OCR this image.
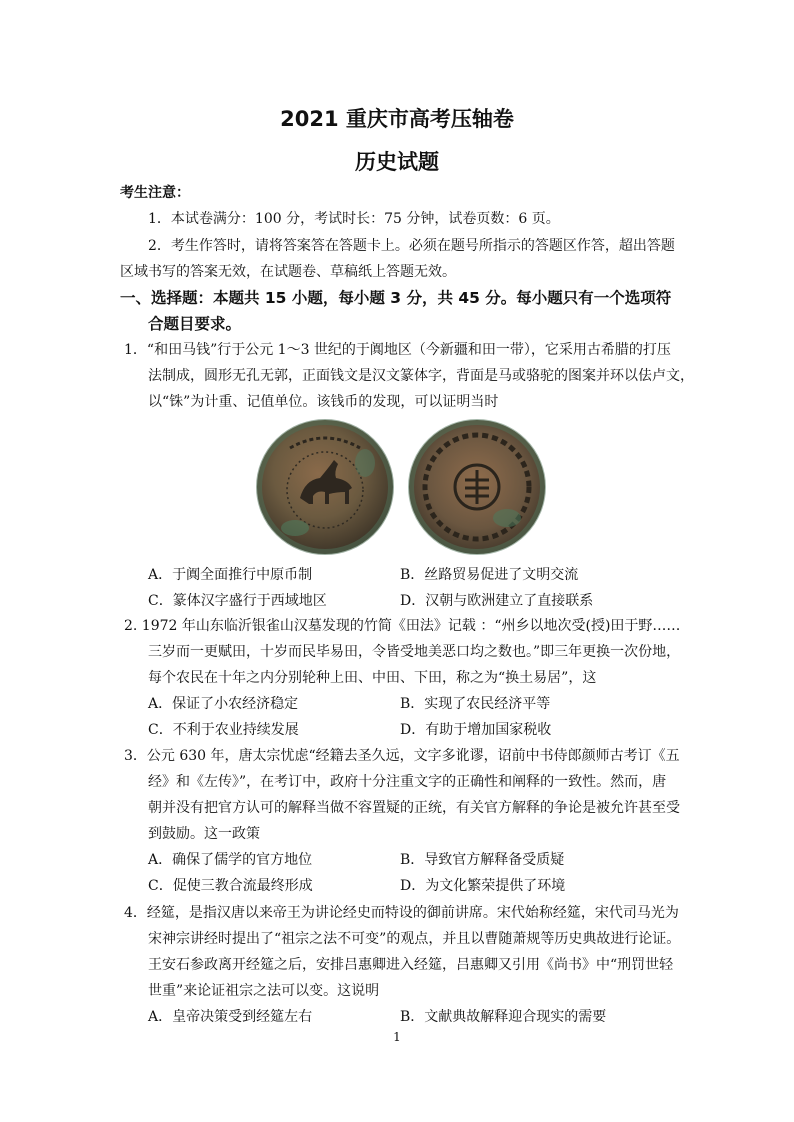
2021 重庆市高考压轴卷
历史试题
考生注意：
1．本试卷满分：100 分，考试时长：75 分钟，试卷页数：6 页。
2．考生作答时，请将答案答在答题卡上。必须在题号所指示的答题区作答，超出答题
区域书写的答案无效，在试题卷、草稿纸上答题无效。
一、选择题：本题共 15 小题，每小题 3 分，共 45 分。每小题只有一个选项符
合题目要求。
1．“和田马钱”行于公元 1～3 世纪的于阗地区（今新疆和田一带），它采用古希腊的打压
法制成，圆形无孔无郭，正面钱文是汉文篆体字，背面是马或骆驼的图案并环以佉卢文，
以“铢”为计重、记值单位。该钱币的发现，可以证明当时
A．于阗全面推行中原币制	B．丝路贸易促进了文明交流
C．篆体汉字盛行于西域地区	D．汉朝与欧洲建立了直接联系
2. 1972 年山东临沂银雀山汉墓发现的竹简《田法》记载 ：“州乡以地次受(授)田于野……
三岁而一更赋田，十岁而民毕易田，令皆受地美恶口均之数也。”即三年更换一次份地，
每个农民在十年之内分别轮种上田、中田、下田，称之为“换土易居”，这
A．保证了小农经济稳定	B．实现了农民经济平等
C．不利于农业持续发展	D．有助于增加国家税收
3．公元 630 年，唐太宗忧虑“经籍去圣久远，文字多讹谬，诏前中书侍郎颜师古考订《五
经》和《左传》”，在考订中，政府十分注重文字的正确性和阐释的一致性。然而，唐
朝并没有把官方认可的解释当做不容置疑的正统，有关官方解释的争论是被允许甚至受
到鼓励。这一政策
A．确保了儒学的官方地位	B．导致官方解释备受质疑
C．促使三教合流最终形成	D．为文化繁荣提供了环境
4．经筵，是指汉唐以来帝王为讲论经史而特设的御前讲席。宋代始称经筵，宋代司马光为
宋神宗讲经时提出了“祖宗之法不可变”的观点，并且以曹随萧规等历史典故进行论证。
王安石参政离开经筵之后，安排吕惠卿进入经筵，吕惠卿又引用《尚书》中“刑罚世轻
世重”来论证祖宗之法可以变。这说明
A．皇帝决策受到经筵左右	B．文献典故解释迎合现实的需要
1
